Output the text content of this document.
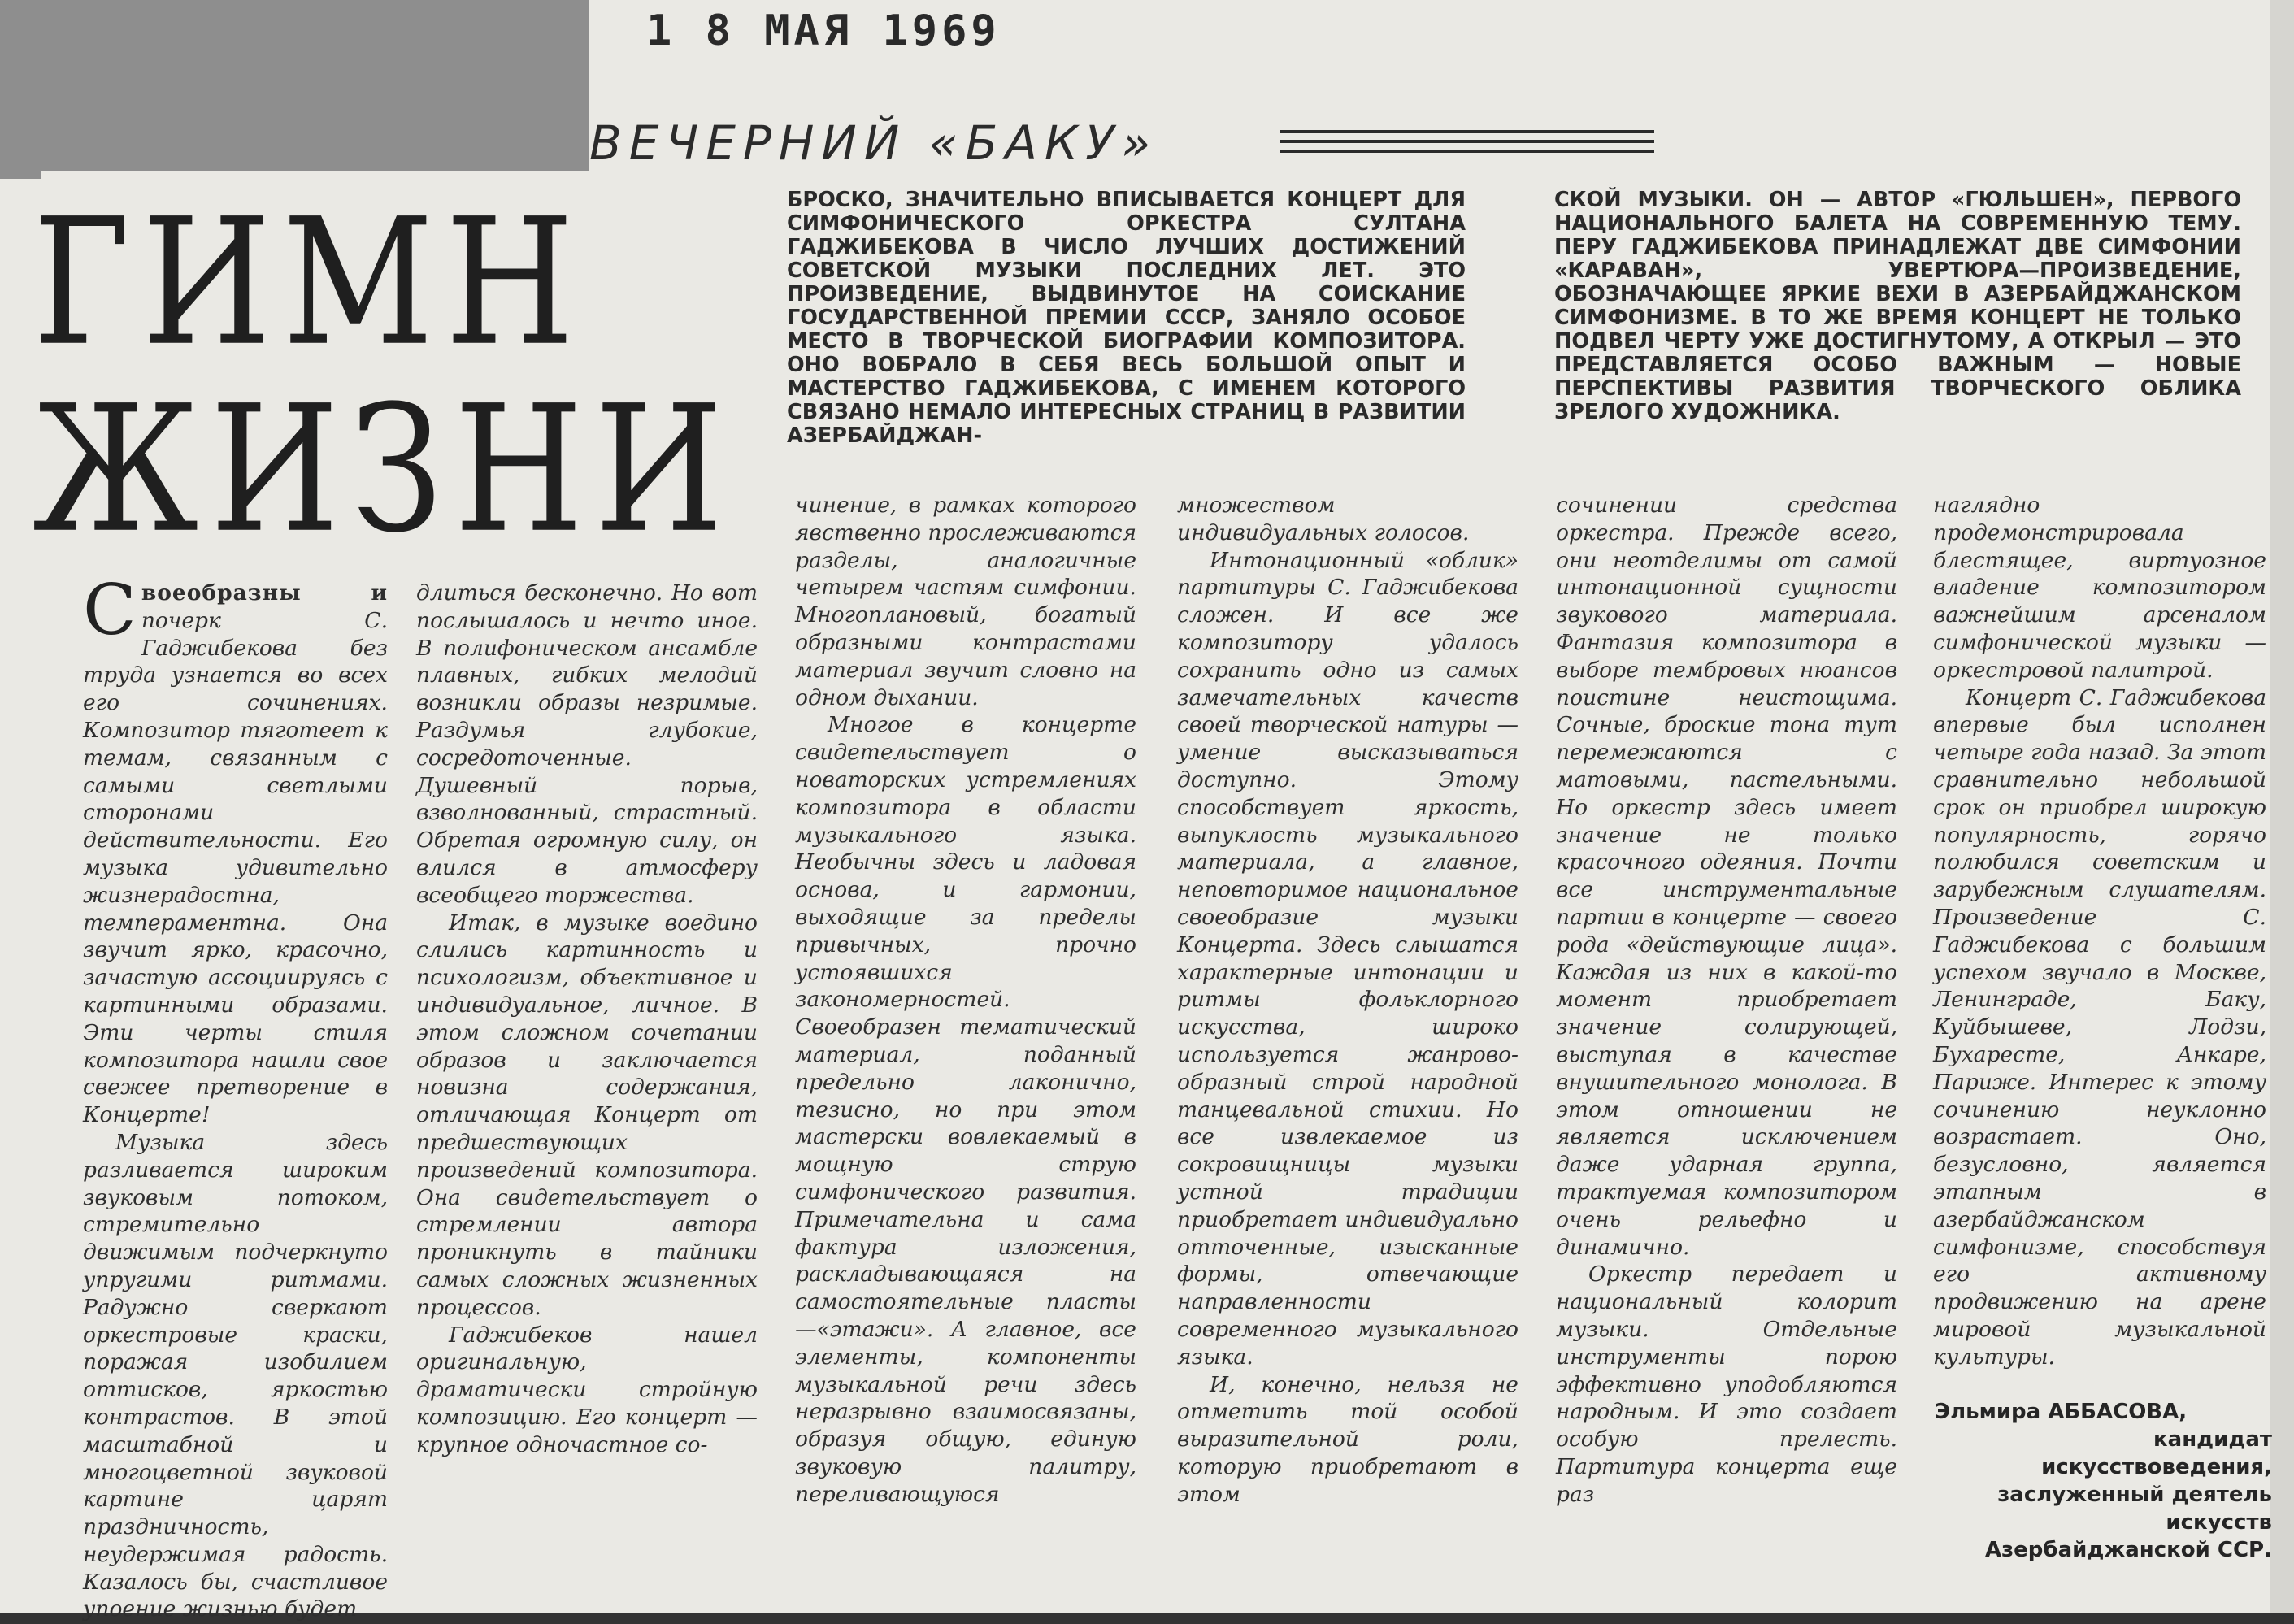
1 8 МАЯ 1969
ВЕЧЕРНИЙ «БАКУ»
ГИМН
ЖИЗНИ

БРОСКО, ЗНАЧИТЕЛЬНО ВПИСЫВАЕТСЯ КОНЦЕРТ ДЛЯ СИМФОНИЧЕСКОГО ОРКЕСТРА СУЛТАНА ГАДЖИБЕКОВА В ЧИСЛО ЛУЧШИХ ДОСТИЖЕНИЙ СОВЕТСКОЙ МУЗЫКИ ПОСЛЕДНИХ ЛЕТ. ЭТО ПРОИЗВЕДЕНИЕ, ВЫДВИНУТОЕ НА СОИСКАНИЕ ГОСУДАРСТВЕННОЙ ПРЕМИИ СССР, ЗАНЯЛО ОСОБОЕ МЕСТО В ТВОРЧЕСКОЙ БИОГРАФИИ КОМПОЗИТОРА. ОНО ВОБРАЛО В СЕБЯ ВЕСЬ БОЛЬШОЙ ОПЫТ И МАСТЕРСТВО ГАДЖИБЕКОВА, С ИМЕНЕМ КОТОРОГО СВЯЗАНО НЕМАЛО ИНТЕРЕСНЫХ СТРАНИЦ В РАЗВИТИИ АЗЕРБАЙДЖАН-

СКОЙ МУЗЫКИ. ОН — АВТОР «ГЮЛЬШЕН», ПЕРВОГО НАЦИОНАЛЬНОГО БАЛЕТА НА СОВРЕМЕННУЮ ТЕМУ. ПЕРУ ГАДЖИБЕКОВА ПРИНАДЛЕЖАТ ДВЕ СИМФОНИИ «КАРАВАН», УВЕРТЮРА—ПРОИЗВЕДЕНИЕ, ОБОЗНАЧАЮЩЕЕ ЯРКИЕ ВЕХИ В АЗЕРБАЙДЖАНСКОМ СИМФОНИЗМЕ. В ТО ЖЕ ВРЕМЯ КОНЦЕРТ НЕ ТОЛЬКО ПОДВЕЛ ЧЕРТУ УЖЕ ДОСТИГНУТОМУ, А ОТКРЫЛ — ЭТО ПРЕДСТАВЛЯЕТСЯ ОСОБО ВАЖНЫМ — НОВЫЕ ПЕРСПЕКТИВЫ РАЗВИТИЯ ТВОРЧЕСКОГО ОБЛИКА ЗРЕЛОГО ХУДОЖНИКА.

С воеобразны и почерк С. Гаджибекова без труда узнается во всех его сочинениях. Композитор тяготеет к темам, связанным с самыми светлыми сторонами действительности. Его музыка удивительно жизнерадостна, темпераментна. Она звучит ярко, красочно, зачастую ассоциируясь с картинными образами. Эти черты стиля композитора нашли свое свежее претворение в Концерте!

Музыка здесь разливается широким звуковым потоком, стремительно движимым подчеркнуто упругими ритмами. Радужно сверкают оркестровые краски, поражая изобилием оттисков, яркостью контрастов. В этой масштабной и многоцветной звуковой картине царят праздничность, неудержимая радость. Казалось бы, счастливое упоение жизнью будет

длиться бесконечно. Но вот послышалось и нечто иное. В полифоническом ансамбле плавных, гибких мелодий возникли образы незримые. Раздумья глубокие, сосредоточенные. Душевный порыв, взволнованный, страстный. Обретая огромную силу, он влился в атмосферу всеобщего торжества.

Итак, в музыке воедино слились картинность и психологизм, объективное и индивидуальное, личное. В этом сложном сочетании образов и заключается новизна содержания, отличающая Концерт от предшествующих произведений композитора. Она свидетельствует о стремлении автора проникнуть в тайники самых сложных жизненных процессов.

Гаджибеков нашел оригинальную, драматически стройную композицию. Его концерт — крупное одночастное со-

чинение, в рамках которого явственно прослеживаются разделы, аналогичные четырем частям симфонии. Многоплановый, богатый образными контрастами материал звучит словно на одном дыхании.

Многое в концерте свидетельствует о новаторских устремлениях композитора в области музыкального языка. Необычны здесь и ладовая основа, и гармонии, выходящие за пределы привычных, прочно устоявшихся закономерностей. Своеобразен тематический материал, поданный предельно лаконично, тезисно, но при этом мастерски вовлекаемый в мощную струю симфонического развития. Примечательна и сама фактура изложения, раскладывающаяся на самостоятельные пласты —«этажи». А главное, все элементы, компоненты музыкальной речи здесь неразрывно взаимосвязаны, образуя общую, единую звуковую палитру, переливающуюся

множеством индивидуальных голосов.

Интонационный «облик» партитуры С. Гаджибекова сложен. И все же композитору удалось сохранить одно из самых замечательных качеств своей творческой натуры — умение высказываться доступно. Этому способствует яркость, выпуклость музыкального материала, а главное, неповторимое национальное своеобразие музыки Концерта. Здесь слышатся характерные интонации и ритмы фольклорного искусства, широко используется жанрово-образный строй народной танцевальной стихии. Но все извлекаемое из сокровищницы музыки устной традиции приобретает индивидуально отточенные, изысканные формы, отвечающие направленности современного музыкального языка.

И, конечно, нельзя не отметить той особой выразительной роли, которую приобретают в этом

сочинении средства оркестра. Прежде всего, они неотделимы от самой интонационной сущности звукового материала. Фантазия композитора в выборе тембровых нюансов поистине неистощима. Сочные, броские тона тут перемежаются с матовыми, пастельными. Но оркестр здесь имеет значение не только красочного одеяния. Почти все инструментальные партии в концерте — своего рода «действующие лица». Каждая из них в какой-то момент приобретает значение солирующей, выступая в качестве внушительного монолога. В этом отношении не является исключением даже ударная группа, трактуемая композитором очень рельефно и динамично.

Оркестр передает и национальный колорит музыки. Отдельные инструменты порою эффективно уподобляются народным. И это создает особую прелесть. Партитура концерта еще раз

наглядно продемонстрировала блестящее, виртуозное владение композитором важнейшим арсеналом симфонической музыки — оркестровой палитрой.

Концерт С. Гаджибекова впервые был исполнен четыре года назад. За этот сравнительно небольшой срок он приобрел широкую популярность, горячо полюбился советским и зарубежным слушателям. Произведение С. Гаджибекова с большим успехом звучало в Москве, Ленинграде, Баку, Куйбышеве, Лодзи, Бухаресте, Анкаре, Париже. Интерес к этому сочинению неуклонно возрастает. Оно, безусловно, является этапным в азербайджанском симфонизме, способствуя его активному продвижению на арене мировой музыкальной культуры.

Эльмира АББАСОВА,
кандидат искусствоведения, заслуженный деятель искусств Азербайджанской ССР.
